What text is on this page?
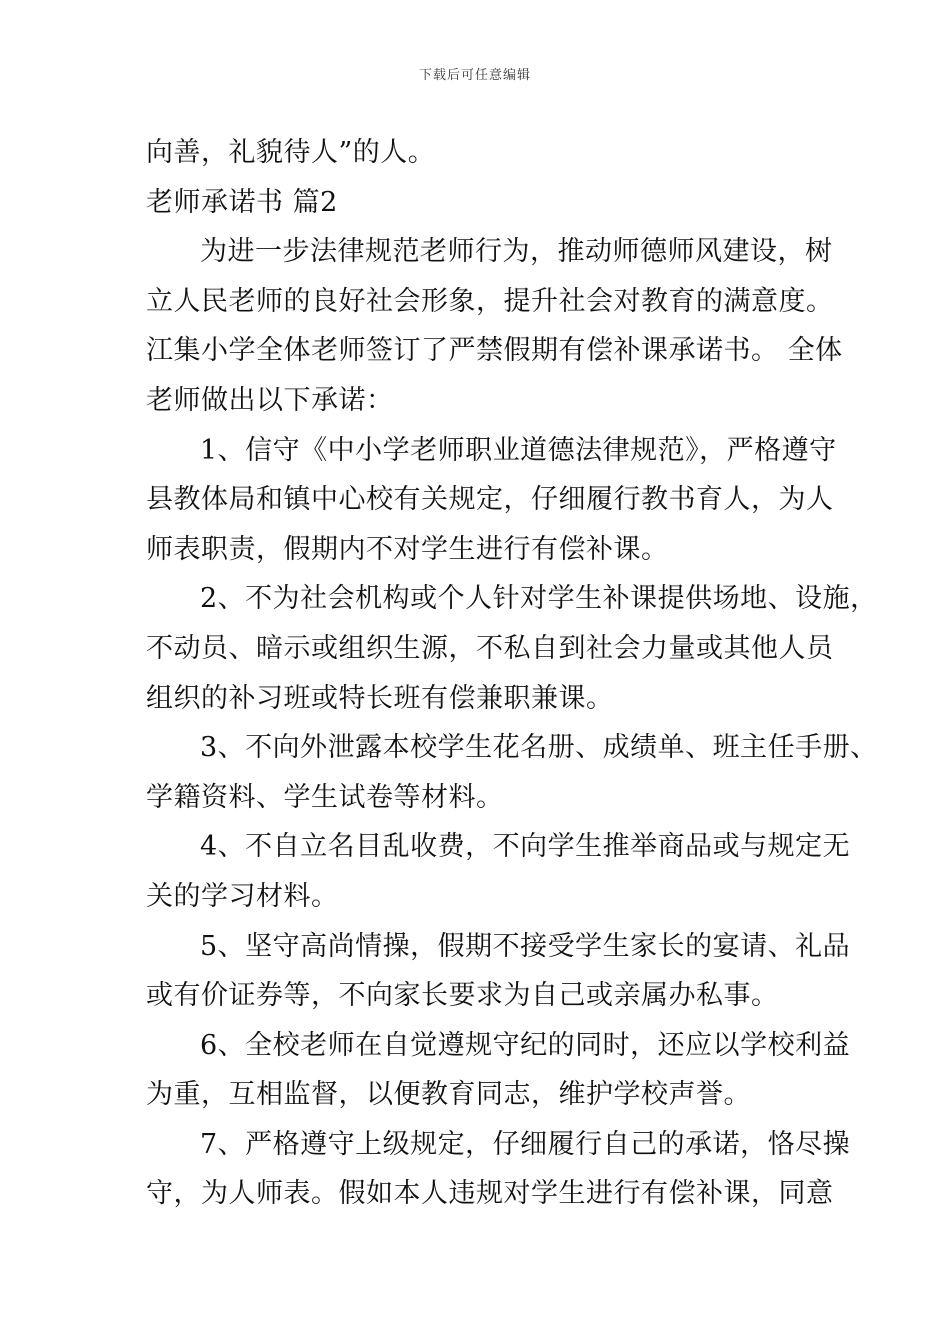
下载后可任意编辑
向善，礼貌待人”的人。
老师承诺书 篇2
为进一步法律规范老师行为，推动师德师风建设，树
立人民老师的良好社会形象，提升社会对教育的满意度。
江集小学全体老师签订了严禁假期有偿补课承诺书。 全体
老师做出以下承诺：
1、信守《中小学老师职业道德法律规范》，严格遵守
县教体局和镇中心校有关规定，仔细履行教书育人，为人
师表职责，假期内不对学生进行有偿补课。
2、不为社会机构或个人针对学生补课提供场地、设施，
不动员、暗示或组织生源，不私自到社会力量或其他人员
组织的补习班或特长班有偿兼职兼课。
3、不向外泄露本校学生花名册、成绩单、班主任手册、
学籍资料、学生试卷等材料。
4、不自立名目乱收费，不向学生推举商品或与规定无
关的学习材料。
5、坚守高尚情操，假期不接受学生家长的宴请、礼品
或有价证券等，不向家长要求为自己或亲属办私事。
6、全校老师在自觉遵规守纪的同时，还应以学校利益
为重，互相监督，以便教育同志，维护学校声誉。
7、严格遵守上级规定，仔细履行自己的承诺，恪尽操
守，为人师表。假如本人违规对学生进行有偿补课，同意
